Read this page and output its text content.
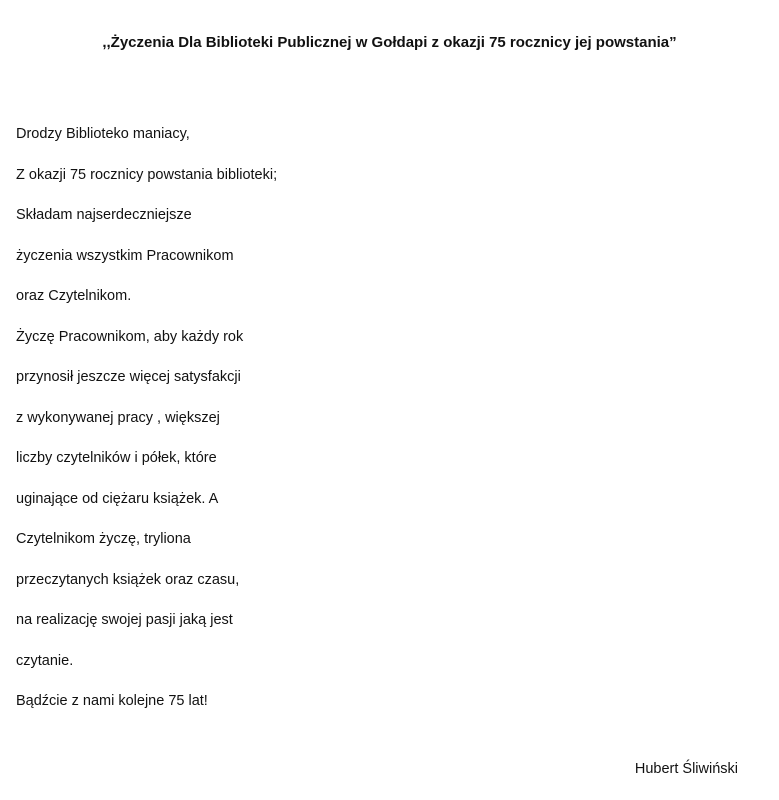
,,Życzenia Dla Biblioteki Publicznej w Gołdapi z okazji 75 rocznicy jej powstania”
Drodzy Biblioteko maniacy,
Z okazji 75 rocznicy powstania biblioteki;
Składam najserdeczniejsze
życzenia wszystkim Pracownikom
oraz Czytelnikom.
Życzę Pracownikom, aby każdy rok
przynosił jeszcze więcej satysfakcji
z wykonywanej pracy , większej
liczby czytelników i półek, które
uginające od ciężaru książek. A
Czytelnikom życzę, tryliona
przeczytanych książek oraz czasu,
na realizację swojej pasji jaką jest
czytanie.
Bądźcie z nami kolejne 75 lat!
Hubert Śliwiński
